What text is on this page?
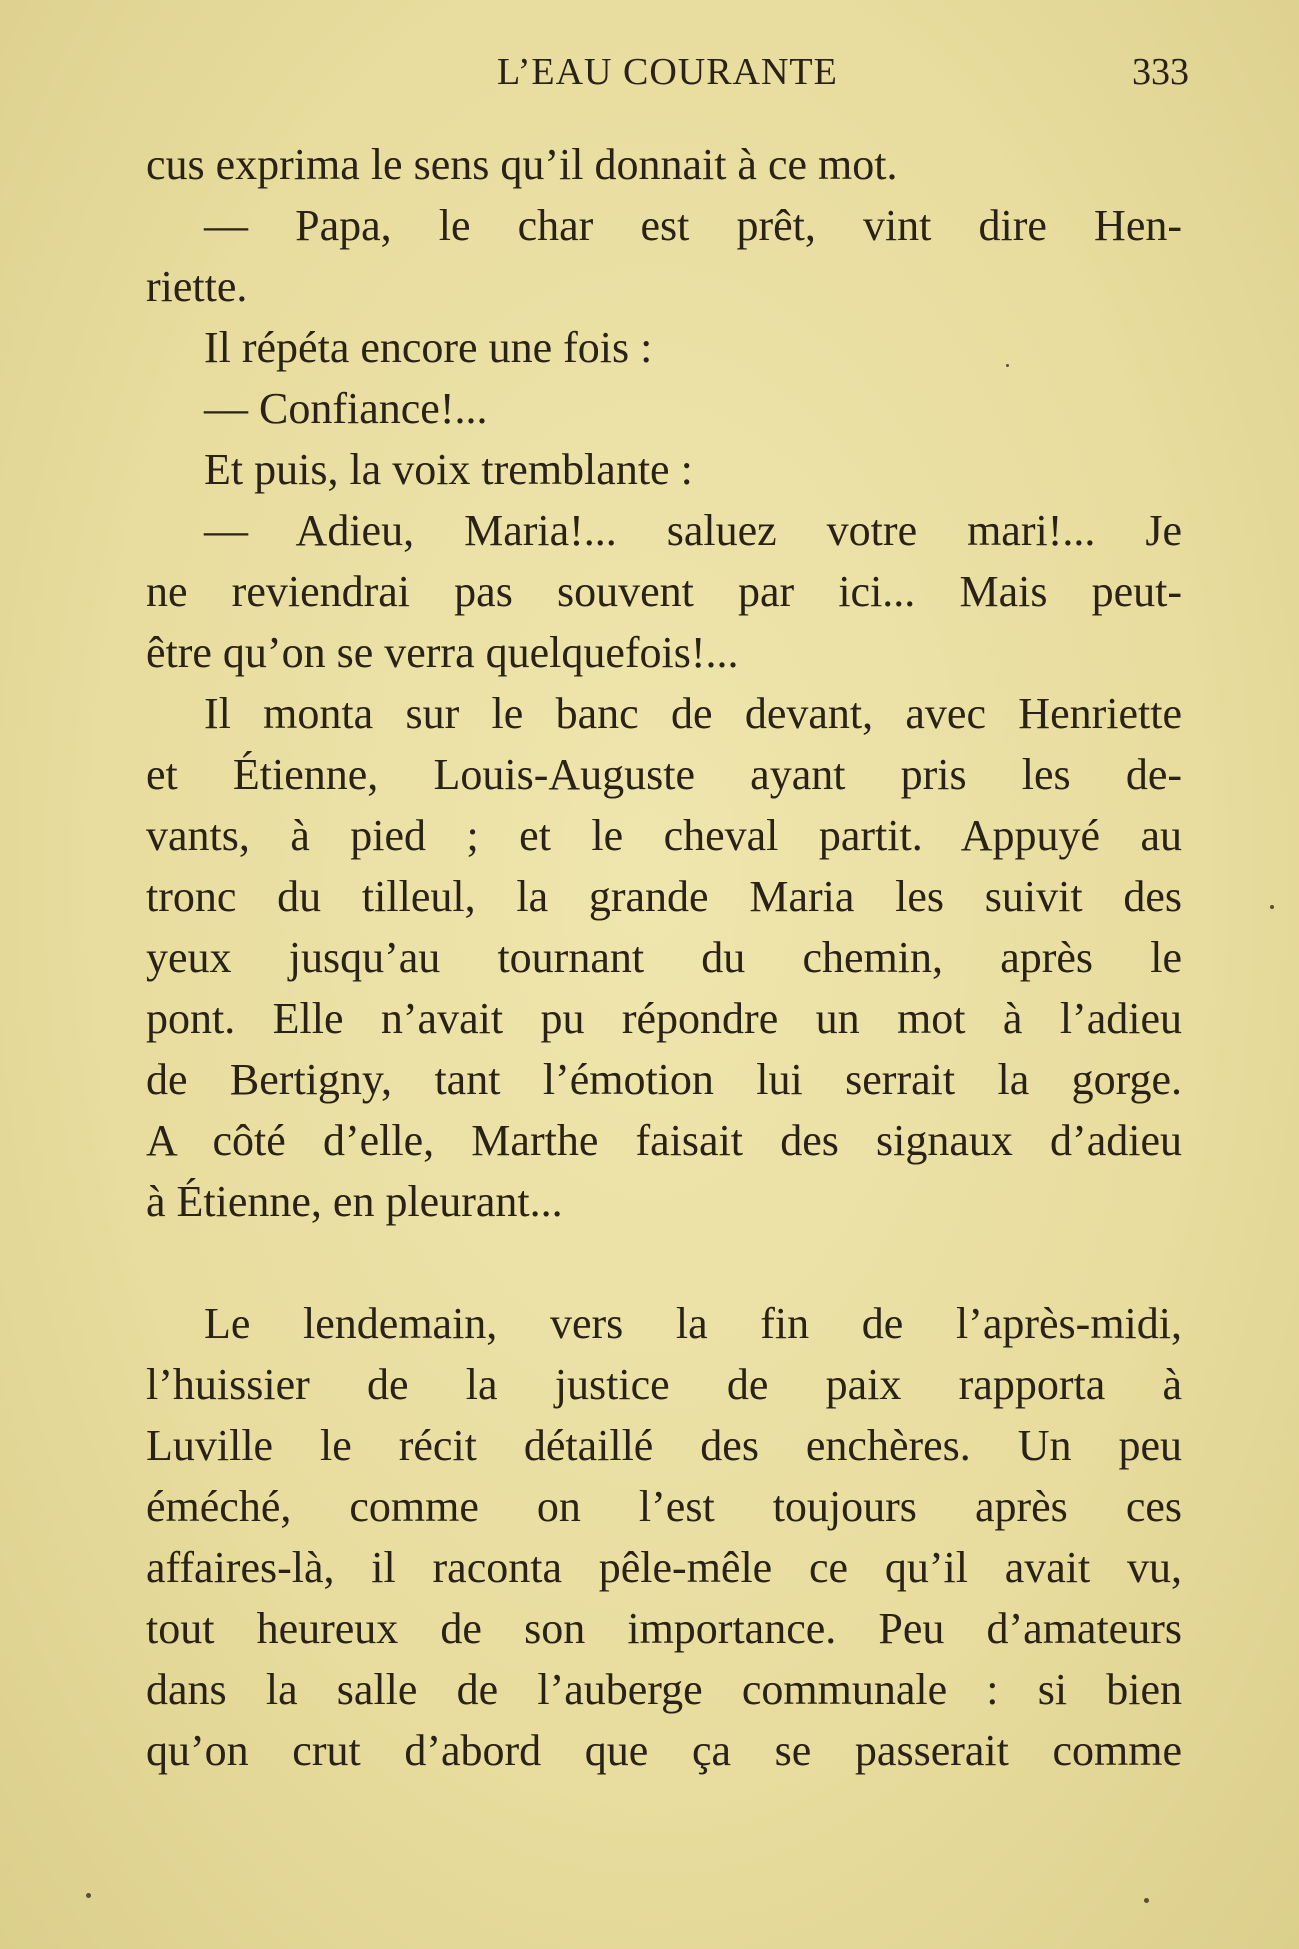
L’EAU COURANTE	333
cus exprima le sens qu’il donnait à ce mot.
— Papa, le char est prêt, vint dire Hen-
riette.
Il répéta encore une fois :
— Confiance!...
Et puis, la voix tremblante :
— Adieu, Maria!... saluez votre mari!... Je
ne reviendrai pas souvent par ici... Mais peut-
être qu’on se verra quelquefois!...
Il monta sur le banc de devant, avec Henriette
et Étienne, Louis-Auguste ayant pris les de-
vants, à pied ; et le cheval partit. Appuyé au
tronc du tilleul, la grande Maria les suivit des
yeux jusqu’au tournant du chemin, après le
pont. Elle n’avait pu répondre un mot à l’adieu
de Bertigny, tant l’émotion lui serrait la gorge.
A côté d’elle, Marthe faisait des signaux d’adieu
à Étienne, en pleurant...
Le lendemain, vers la fin de l’après-midi,
l’huissier de la justice de paix rapporta à
Luville le récit détaillé des enchères. Un peu
éméché, comme on l’est toujours après ces
affaires-là, il raconta pêle-mêle ce qu’il avait vu,
tout heureux de son importance. Peu d’amateurs
dans la salle de l’auberge communale : si bien
qu’on crut d’abord que ça se passerait comme
